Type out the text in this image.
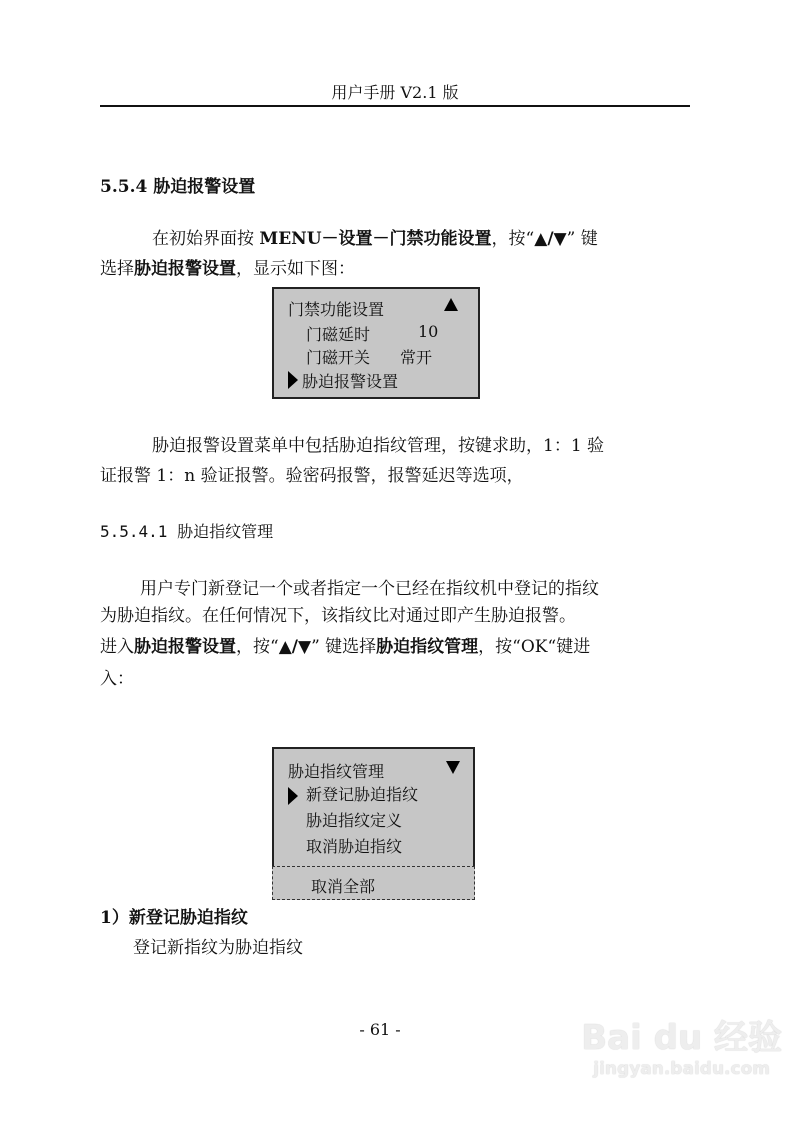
用户手册 V2.1 版
5.5.4 胁迫报警设置
在初始界面按 MENU－设置－门禁功能设置，按“▲/▼” 键
选择胁迫报警设置，显示如下图：
门禁功能设置
门磁延时	10
门磁开关 常开
胁迫报警设置
胁迫报警设置菜单中包括胁迫指纹管理，按键求助，1：1 验
证报警 1：n 验证报警。验密码报警，报警延迟等选项，
5.5.4.1 胁迫指纹管理
用户专门新登记一个或者指定一个已经在指纹机中登记的指纹
为胁迫指纹。在任何情况下，该指纹比对通过即产生胁迫报警。
进入胁迫报警设置，按“▲/▼” 键选择胁迫指纹管理，按“OK“键进
入：
胁迫指纹管理
新登记胁迫指纹
胁迫指纹定义
取消胁迫指纹
取消全部
1）新登记胁迫指纹
登记新指纹为胁迫指纹
- 61 -	Bai du 经验
jingyan.baidu.com
